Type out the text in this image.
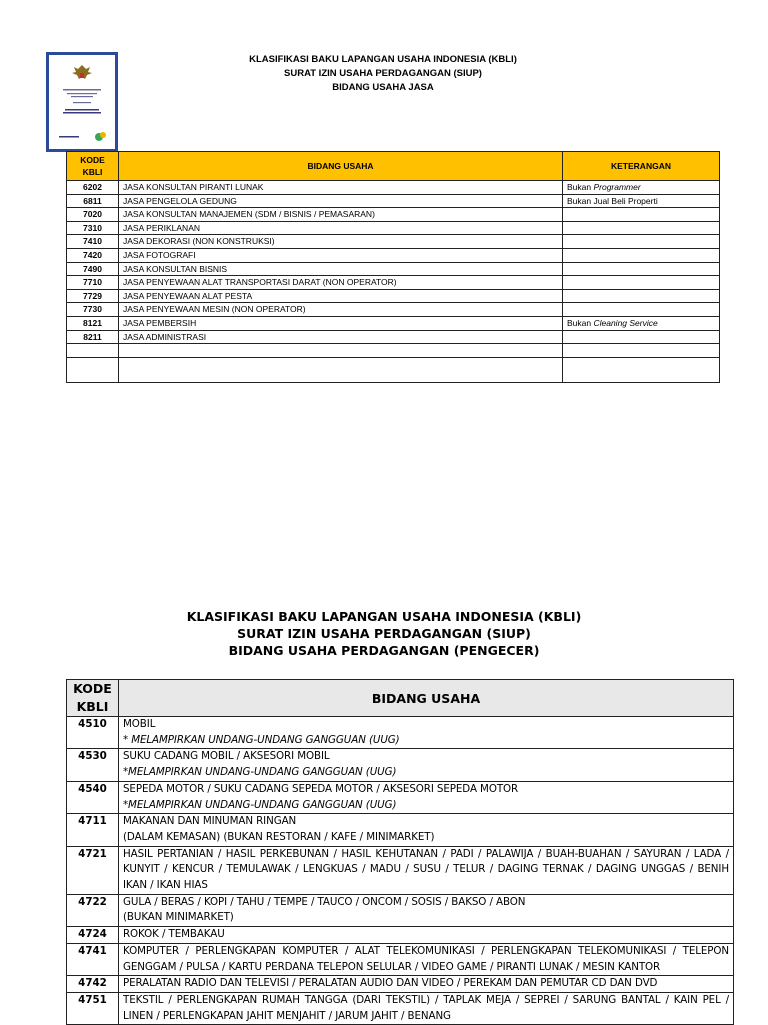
KLASIFIKASI BAKU LAPANGAN USAHA INDONESIA (KBLI)
SURAT IZIN USAHA PERDAGANGAN (SIUP)
BIDANG USAHA JASA
KODE KBLI	BIDANG USAHA	KETERANGAN
6202	JASA KONSULTAN PIRANTI LUNAK	Bukan Programmer
6811	JASA PENGELOLA GEDUNG	Bukan Jual Beli Properti
7020	JASA KONSULTAN MANAJEMEN (SDM / BISNIS / PEMASARAN)	
7310	JASA PERIKLANAN	
7410	JASA DEKORASI (NON KONSTRUKSI)	
7420	JASA FOTOGRAFI	
7490	JASA KONSULTAN BISNIS	
7710	JASA PENYEWAAN ALAT TRANSPORTASI DARAT (NON OPERATOR)	
7729	JASA PENYEWAAN ALAT PESTA	
7730	JASA PENYEWAAN MESIN (NON OPERATOR)	
8121	JASA PEMBERSIH	Bukan Cleaning Service
8211	JASA ADMINISTRASI	

KLASIFIKASI BAKU LAPANGAN USAHA INDONESIA (KBLI)
SURAT IZIN USAHA PERDAGANGAN (SIUP)
BIDANG USAHA PERDAGANGAN (PENGECER)
KODE KBLI	BIDANG USAHA
4510	MOBIL
* MELAMPIRKAN UNDANG-UNDANG GANGGUAN (UUG)

4530	SUKU CADANG MOBIL / AKSESORI MOBIL
*MELAMPIRKAN UNDANG-UNDANG GANGGUAN (UUG)

4540	SEPEDA MOTOR / SUKU CADANG SEPEDA MOTOR / AKSESORI SEPEDA MOTOR
*MELAMPIRKAN UNDANG-UNDANG GANGGUAN (UUG)

4711	MAKANAN DAN MINUMAN RINGAN
(DALAM KEMASAN) (BUKAN RESTORAN / KAFE / MINIMARKET)

4721	HASIL PERTANIAN / HASIL PERKEBUNAN / HASIL KEHUTANAN / PADI / PALAWIJA / BUAH-BUAHAN / SAYURAN / LADA / KUNYIT / KENCUR / TEMULAWAK / LENGKUAS / MADU / SUSU / TELUR / DAGING TERNAK / DAGING UNGGAS / BENIH IKAN / IKAN HIAS

4722	GULA / BERAS / KOPI / TAHU / TEMPE / TAUCO / ONCOM / SOSIS / BAKSO / ABON
(BUKAN MINIMARKET)

4724	ROKOK / TEMBAKAU

4741	KOMPUTER / PERLENGKAPAN KOMPUTER / ALAT TELEKOMUNIKASI / PERLENGKAPAN TELEKOMUNIKASI / TELEPON GENGGAM / PULSA / KARTU PERDANA TELEPON SELULAR / VIDEO GAME / PIRANTI LUNAK / MESIN KANTOR

4742	PERALATAN RADIO DAN TELEVISI / PERALATAN AUDIO DAN VIDEO / PEREKAM DAN PEMUTAR CD DAN DVD

4751	TEKSTIL / PERLENGKAPAN RUMAH TANGGA (DARI TEKSTIL) / TAPLAK MEJA / SEPREI / SARUNG BANTAL / KAIN PEL / LINEN / PERLENGKAPAN JAHIT MENJAHIT / JARUM JAHIT / BENANG
